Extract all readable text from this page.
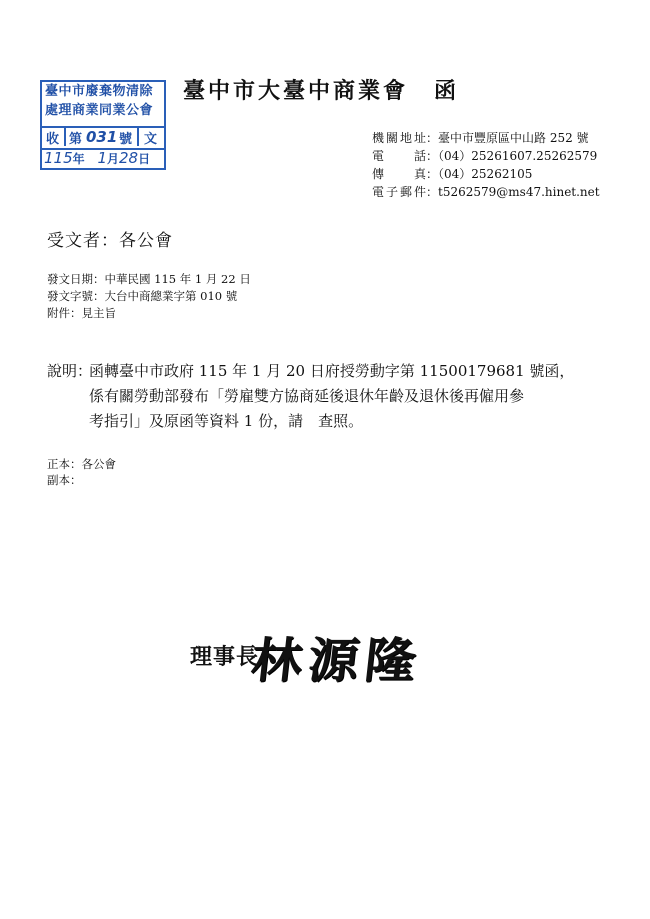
臺中市廢棄物清除
處理商業同業公會
收 第 031 號 文
115年 1月28日
臺中市大臺中商業會 函
機關地址：臺中市豐原區中山路 252 號
電　　話：（04）25261607.25262579
傳　　真：（04）25262105
電子郵件：t5262579@ms47.hinet.net
受文者：各公會
發文日期：中華民國 115 年 1 月 22 日
發文字號：大台中商總業字第 010 號
附件：見主旨
說明：
函轉臺中市政府 115 年 1 月 20 日府授勞動字第 11500179681 號函，
係有關勞動部發布「勞雇雙方協商延後退休年齡及退休後再僱用參
考指引」及原函等資料 1 份，請　查照。
正本：各公會
副本：
理事長
林源隆
